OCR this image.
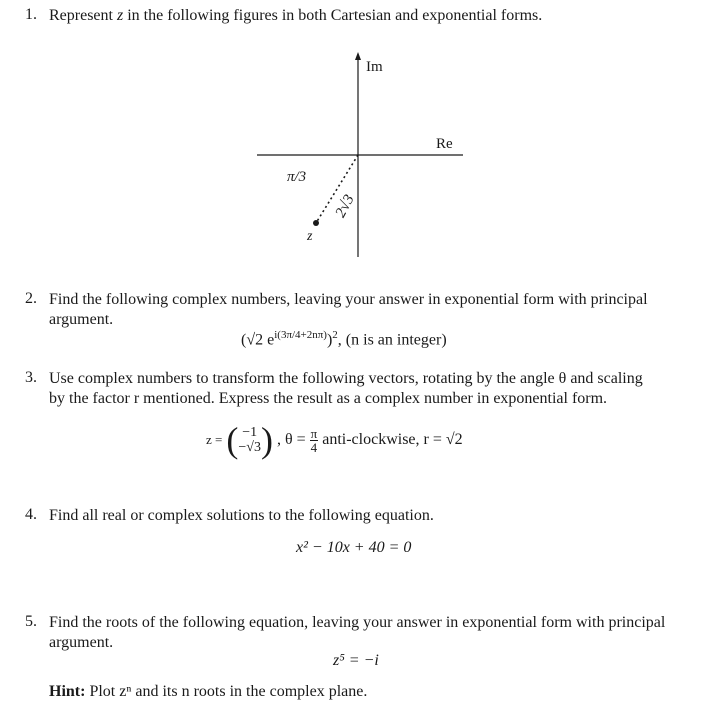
1. Represent z in the following figures in both Cartesian and exponential forms.
Im
Re
π/3
2√3
z
2. Find the following complex numbers, leaving your answer in exponential form with principal
argument.
(√2 $e^{i(3\pi/4+2n\pi)})^2$, (n is an integer)
3. Use complex numbers to transform the following vectors, rotating by the angle θ and scaling
by the factor r mentioned. Express the result as a complex number in exponential form.
z = ( −1
−√3 ) , $\theta = \frac{\pi}{4}$ anti-clockwise, r = √2
4. Find all real or complex solutions to the following equation.
x² − 10x + 40 = 0
5. Find the roots of the following equation, leaving your answer in exponential form with principal
argument.
z⁵ = −i
Hint: Plot zⁿ and its n roots in the complex plane.
